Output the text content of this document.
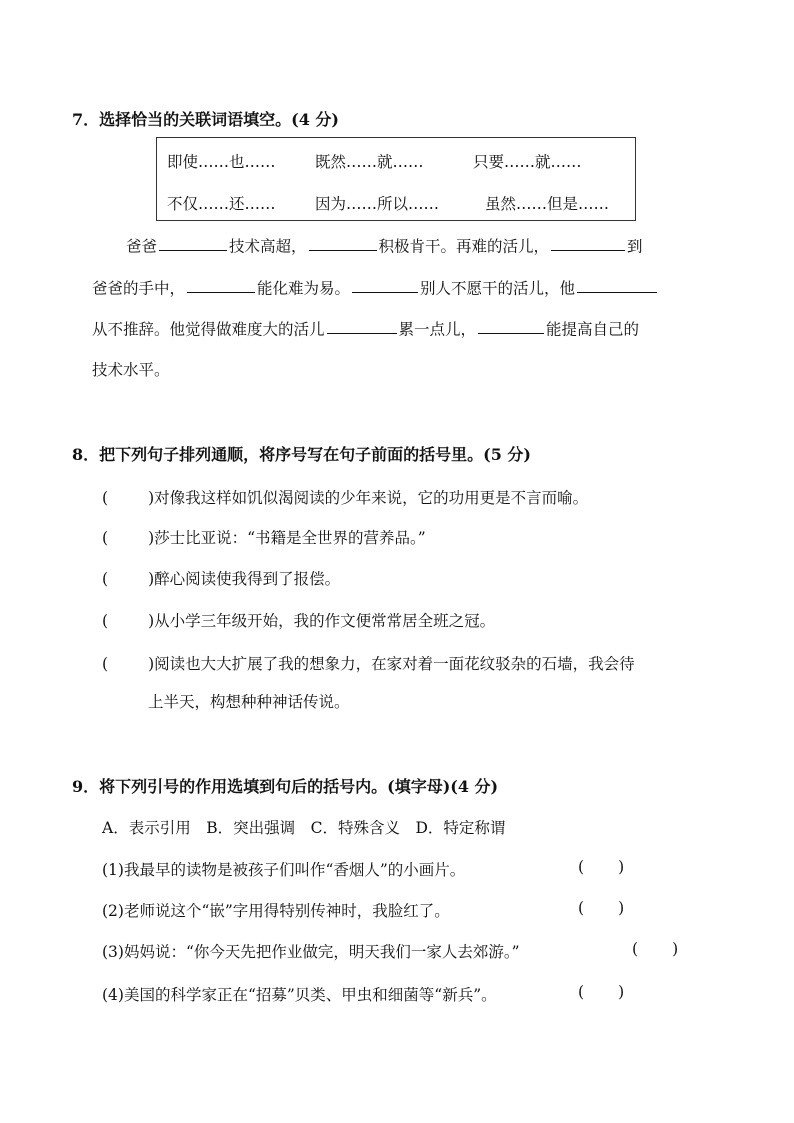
7．选择恰当的关联词语填空。(4 分)
即使……也……	既然……就……	只要……就……
不仅……还……	因为……所以……	虽然……但是……
爸爸	技术高超，	积极肯干。再难的活儿，	到
爸爸的手中，	能化难为易。	别人不愿干的活儿，他
从不推辞。他觉得做难度大的活儿	累一点儿，	能提高自己的
技术水平。
8．把下列句子排列通顺，将序号写在句子前面的括号里。(5 分)
(	)对像我这样如饥似渴阅读的少年来说，它的功用更是不言而喻。
(	)莎士比亚说：“书籍是全世界的营养品。”
(	)醉心阅读使我得到了报偿。
(	)从小学三年级开始，我的作文便常常居全班之冠。
(	)阅读也大大扩展了我的想象力，在家对着一面花纹驳杂的石墙，我会待
上半天，构想种种神话传说。
9．将下列引号的作用选填到句后的括号内。(填字母)(4 分)
A．表示引用　B．突出强调　C．特殊含义　D．特定称谓
(1)我最早的读物是被孩子们叫作“香烟人”的小画片。	( )
(2)老师说这个“嵌”字用得特别传神时，我脸红了。	( )
(3)妈妈说：“你今天先把作业做完，明天我们一家人去郊游。”	( )
(4)美国的科学家正在“招募”贝类、甲虫和细菌等“新兵”。	( )
